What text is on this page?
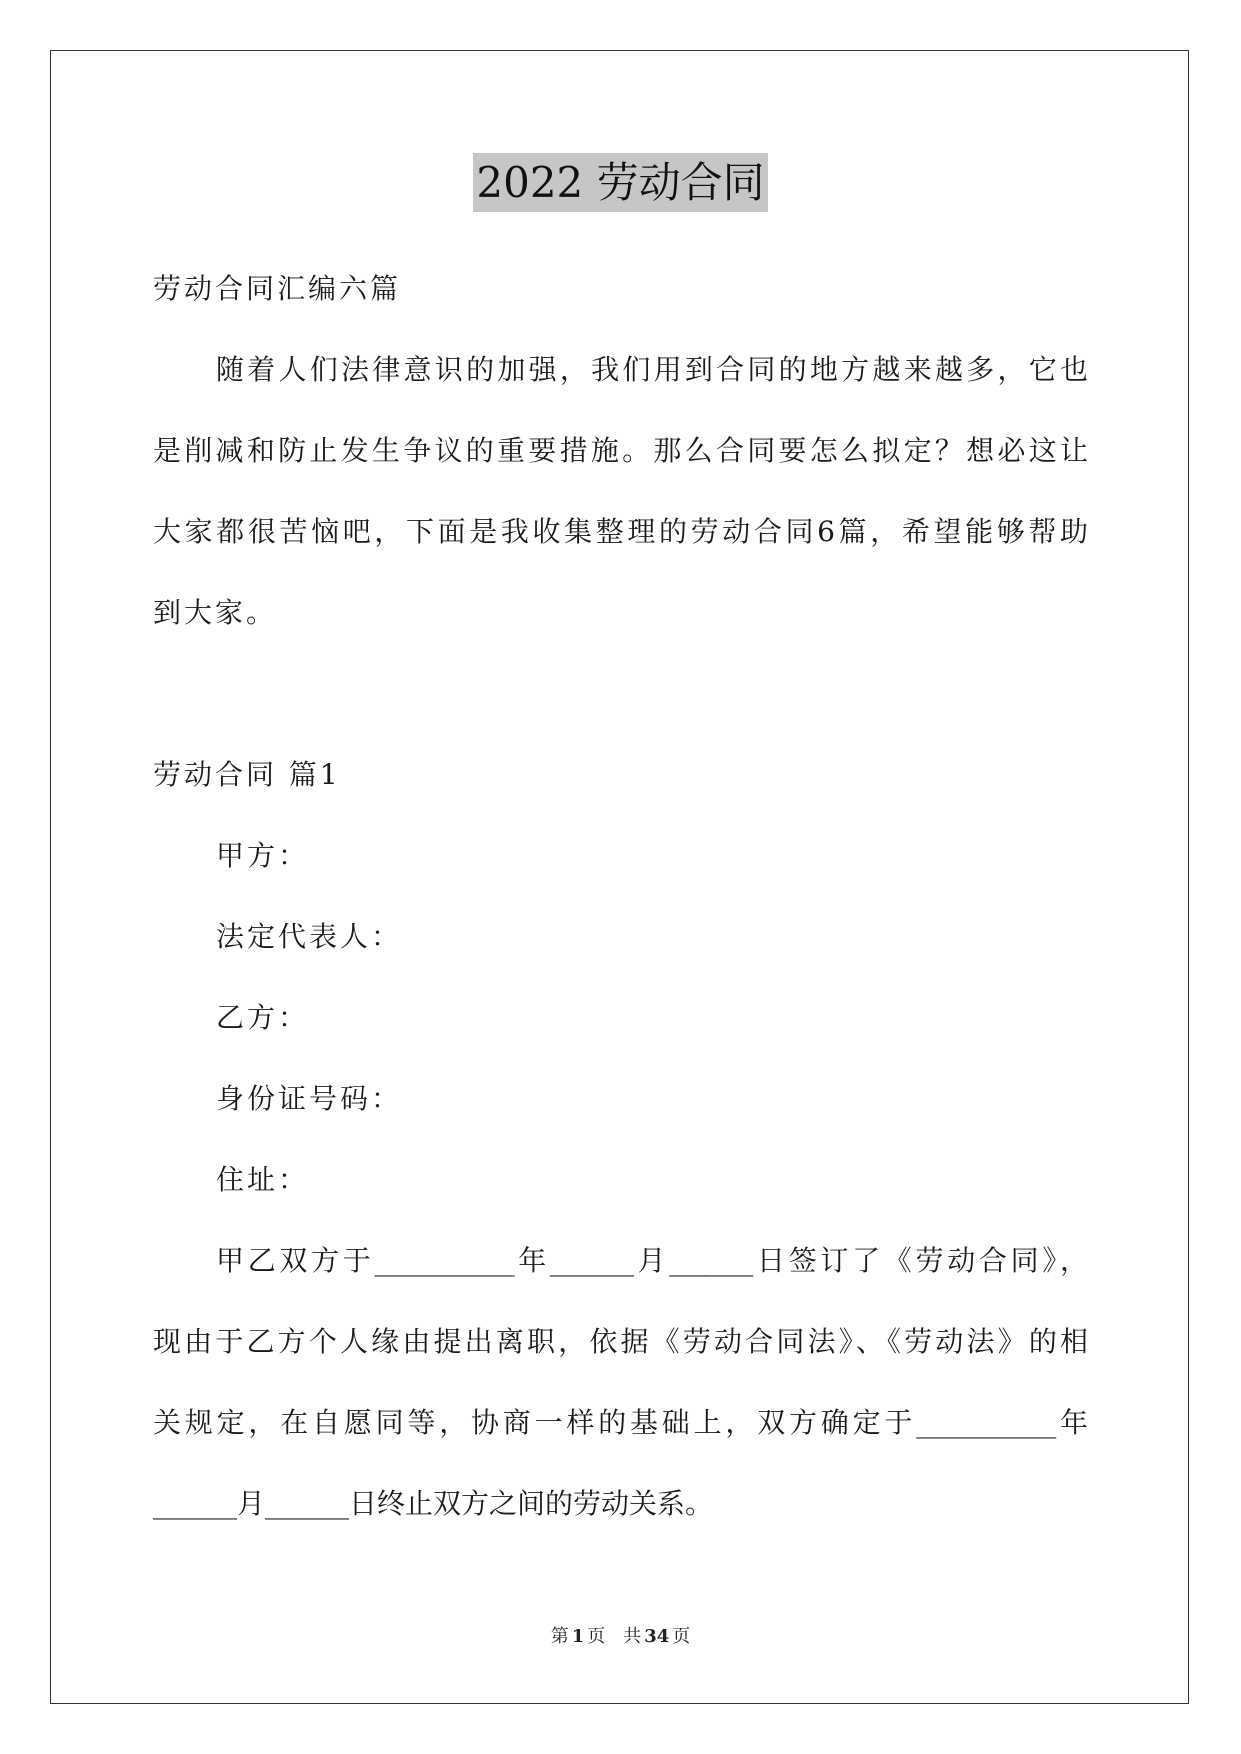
2022 劳动合同
劳动合同汇编六篇
随着人们法律意识的加强，我们用到合同的地方越来越多，它也
是削减和防止发生争议的重要措施。那么合同要怎么拟定？想必这让
大家都很苦恼吧，下面是我收集整理的劳动合同6篇，希望能够帮助
到大家。
劳动合同 篇1
甲方：
法定代表人：
乙方：
身份证号码：
住址：
甲乙双方于__________年______月______日签订了《劳动合同》，
现由于乙方个人缘由提出离职，依据《劳动合同法》、《劳动法》的相
关规定，在自愿同等，协商一样的基础上，双方确定于__________年
______月______日终止双方之间的劳动关系。
第 1 页 共 34 页
